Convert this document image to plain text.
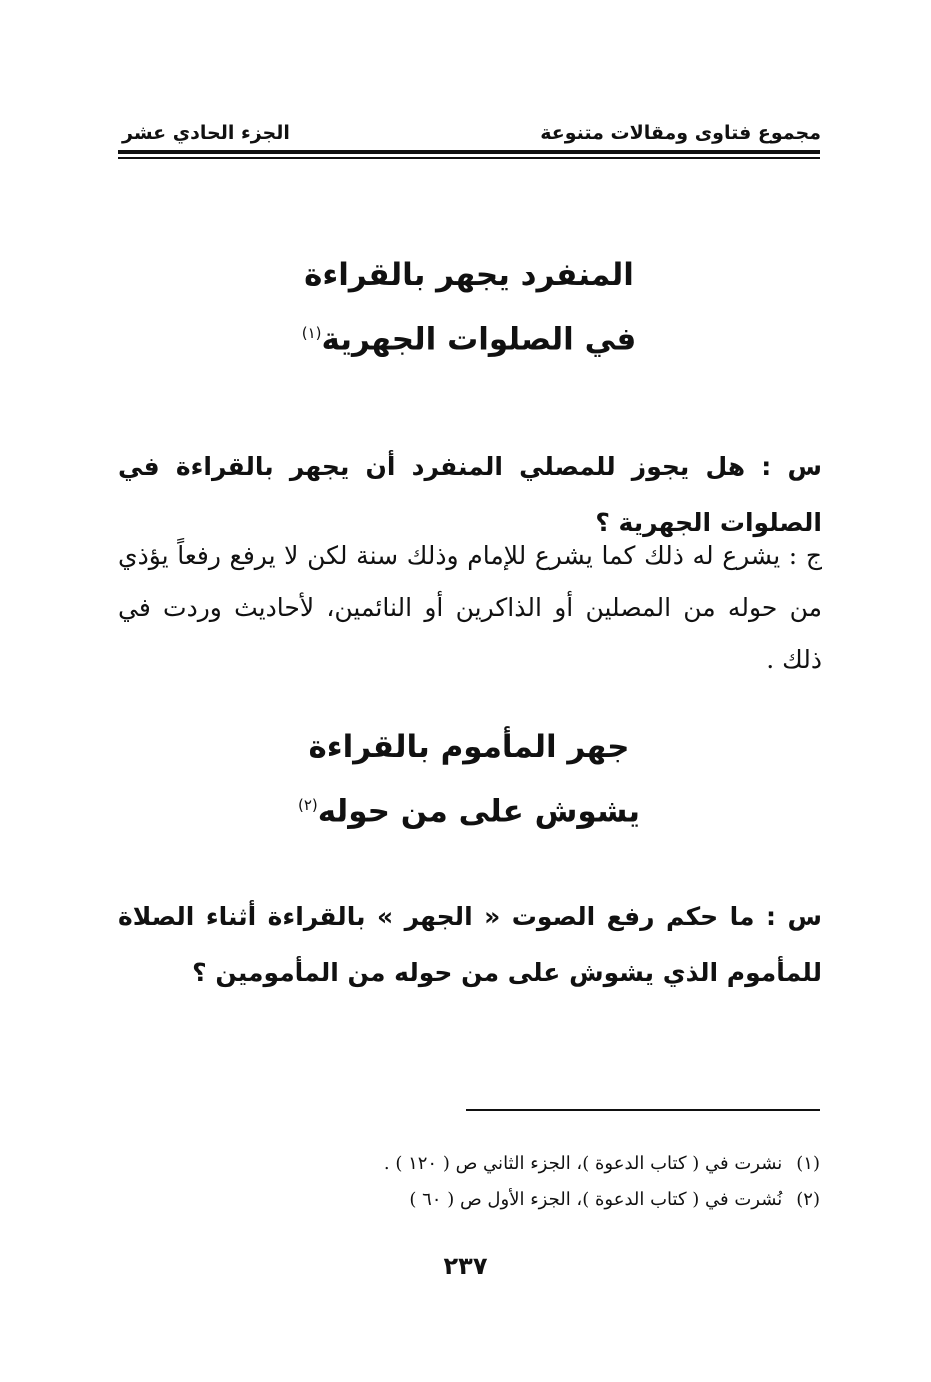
مجموع فتاوى ومقالات متنوعة
الجزء الحادي عشر
المنفرد يجهر بالقراءة
في الصلوات الجهرية$^{(١)}$
س : هل يجوز للمصلي المنفرد أن يجهر بالقراءة في الصلوات الجهرية ؟
ج : يشرع له ذلك كما يشرع للإمام وذلك سنة لكن لا يرفع رفعاً يؤذي من حوله من المصلين أو الذاكرين أو النائمين، لأحاديث وردت في ذلك .
جهر المأموم بالقراءة
يشوش على من حوله$^{(٢)}$
س : ما حكم رفع الصوت « الجهر » بالقراءة أثناء الصلاة للمأموم الذي يشوش على من حوله من المأمومين ؟
(١)نشرت في ( كتاب الدعوة )، الجزء الثاني ص ( ١٢٠ ) .
(٢)نُشرت في ( كتاب الدعوة )، الجزء الأول ص ( ٦٠ )
٢٣٧
